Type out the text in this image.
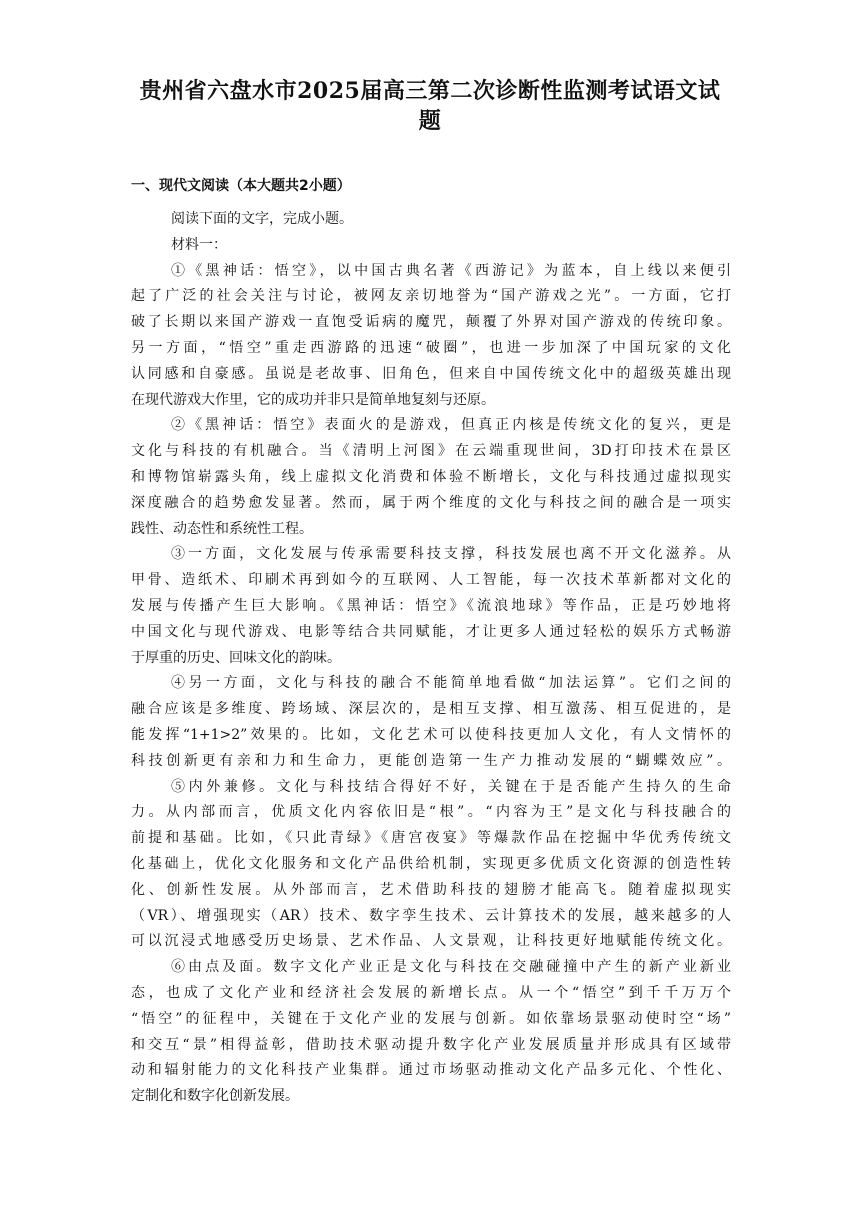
贵州省六盘水市2025届高三第二次诊断性监测考试语文试
题
一、现代文阅读（本大题共2小题）
阅读下面的文字，完成小题。
材料一：
①《黑神话：悟空》，以中国古典名著《西游记》为蓝本，自上线以来便引
起了广泛的社会关注与讨论，被网友亲切地誉为“国产游戏之光”。一方面，它打
破了长期以来国产游戏一直饱受诟病的魔咒，颠覆了外界对国产游戏的传统印象。
另一方面，“悟空”重走西游路的迅速“破圈”，也进一步加深了中国玩家的文化
认同感和自豪感。虽说是老故事、旧角色，但来自中国传统文化中的超级英雄出现
在现代游戏大作里，它的成功并非只是简单地复刻与还原。
②《黑神话：悟空》表面火的是游戏，但真正内核是传统文化的复兴，更是
文化与科技的有机融合。当《清明上河图》在云端重现世间，3D打印技术在景区
和博物馆崭露头角，线上虚拟文化消费和体验不断增长，文化与科技通过虚拟现实
深度融合的趋势愈发显著。然而，属于两个维度的文化与科技之间的融合是一项实
践性、动态性和系统性工程。
③一方面，文化发展与传承需要科技支撑，科技发展也离不开文化滋养。从
甲骨、造纸术、印刷术再到如今的互联网、人工智能，每一次技术革新都对文化的
发展与传播产生巨大影响。《黑神话：悟空》《流浪地球》等作品，正是巧妙地将
中国文化与现代游戏、电影等结合共同赋能，才让更多人通过轻松的娱乐方式畅游
于厚重的历史、回味文化的韵味。
④另一方面，文化与科技的融合不能简单地看做“加法运算”。它们之间的
融合应该是多维度、跨场域、深层次的，是相互支撑、相互激荡、相互促进的，是
能发挥“1+1>2”效果的。比如，文化艺术可以使科技更加人文化，有人文情怀的
科技创新更有亲和力和生命力，更能创造第一生产力推动发展的“蝴蝶效应”。
⑤内外兼修。文化与科技结合得好不好，关键在于是否能产生持久的生命
力。从内部而言，优质文化内容依旧是“根”。“内容为王”是文化与科技融合的
前提和基础。比如，《只此青绿》《唐宫夜宴》等爆款作品在挖掘中华优秀传统文
化基础上，优化文化服务和文化产品供给机制，实现更多优质文化资源的创造性转
化、创新性发展。从外部而言，艺术借助科技的翅膀才能高飞。随着虚拟现实
（VR）、增强现实（AR）技术、数字孪生技术、云计算技术的发展，越来越多的人
可以沉浸式地感受历史场景、艺术作品、人文景观，让科技更好地赋能传统文化。
⑥由点及面。数字文化产业正是文化与科技在交融碰撞中产生的新产业新业
态，也成了文化产业和经济社会发展的新增长点。从一个“悟空”到千千万万个
“悟空”的征程中，关键在于文化产业的发展与创新。如依靠场景驱动使时空“场”
和交互“景”相得益彰，借助技术驱动提升数字化产业发展质量并形成具有区域带
动和辐射能力的文化科技产业集群。通过市场驱动推动文化产品多元化、个性化、
定制化和数字化创新发展。
